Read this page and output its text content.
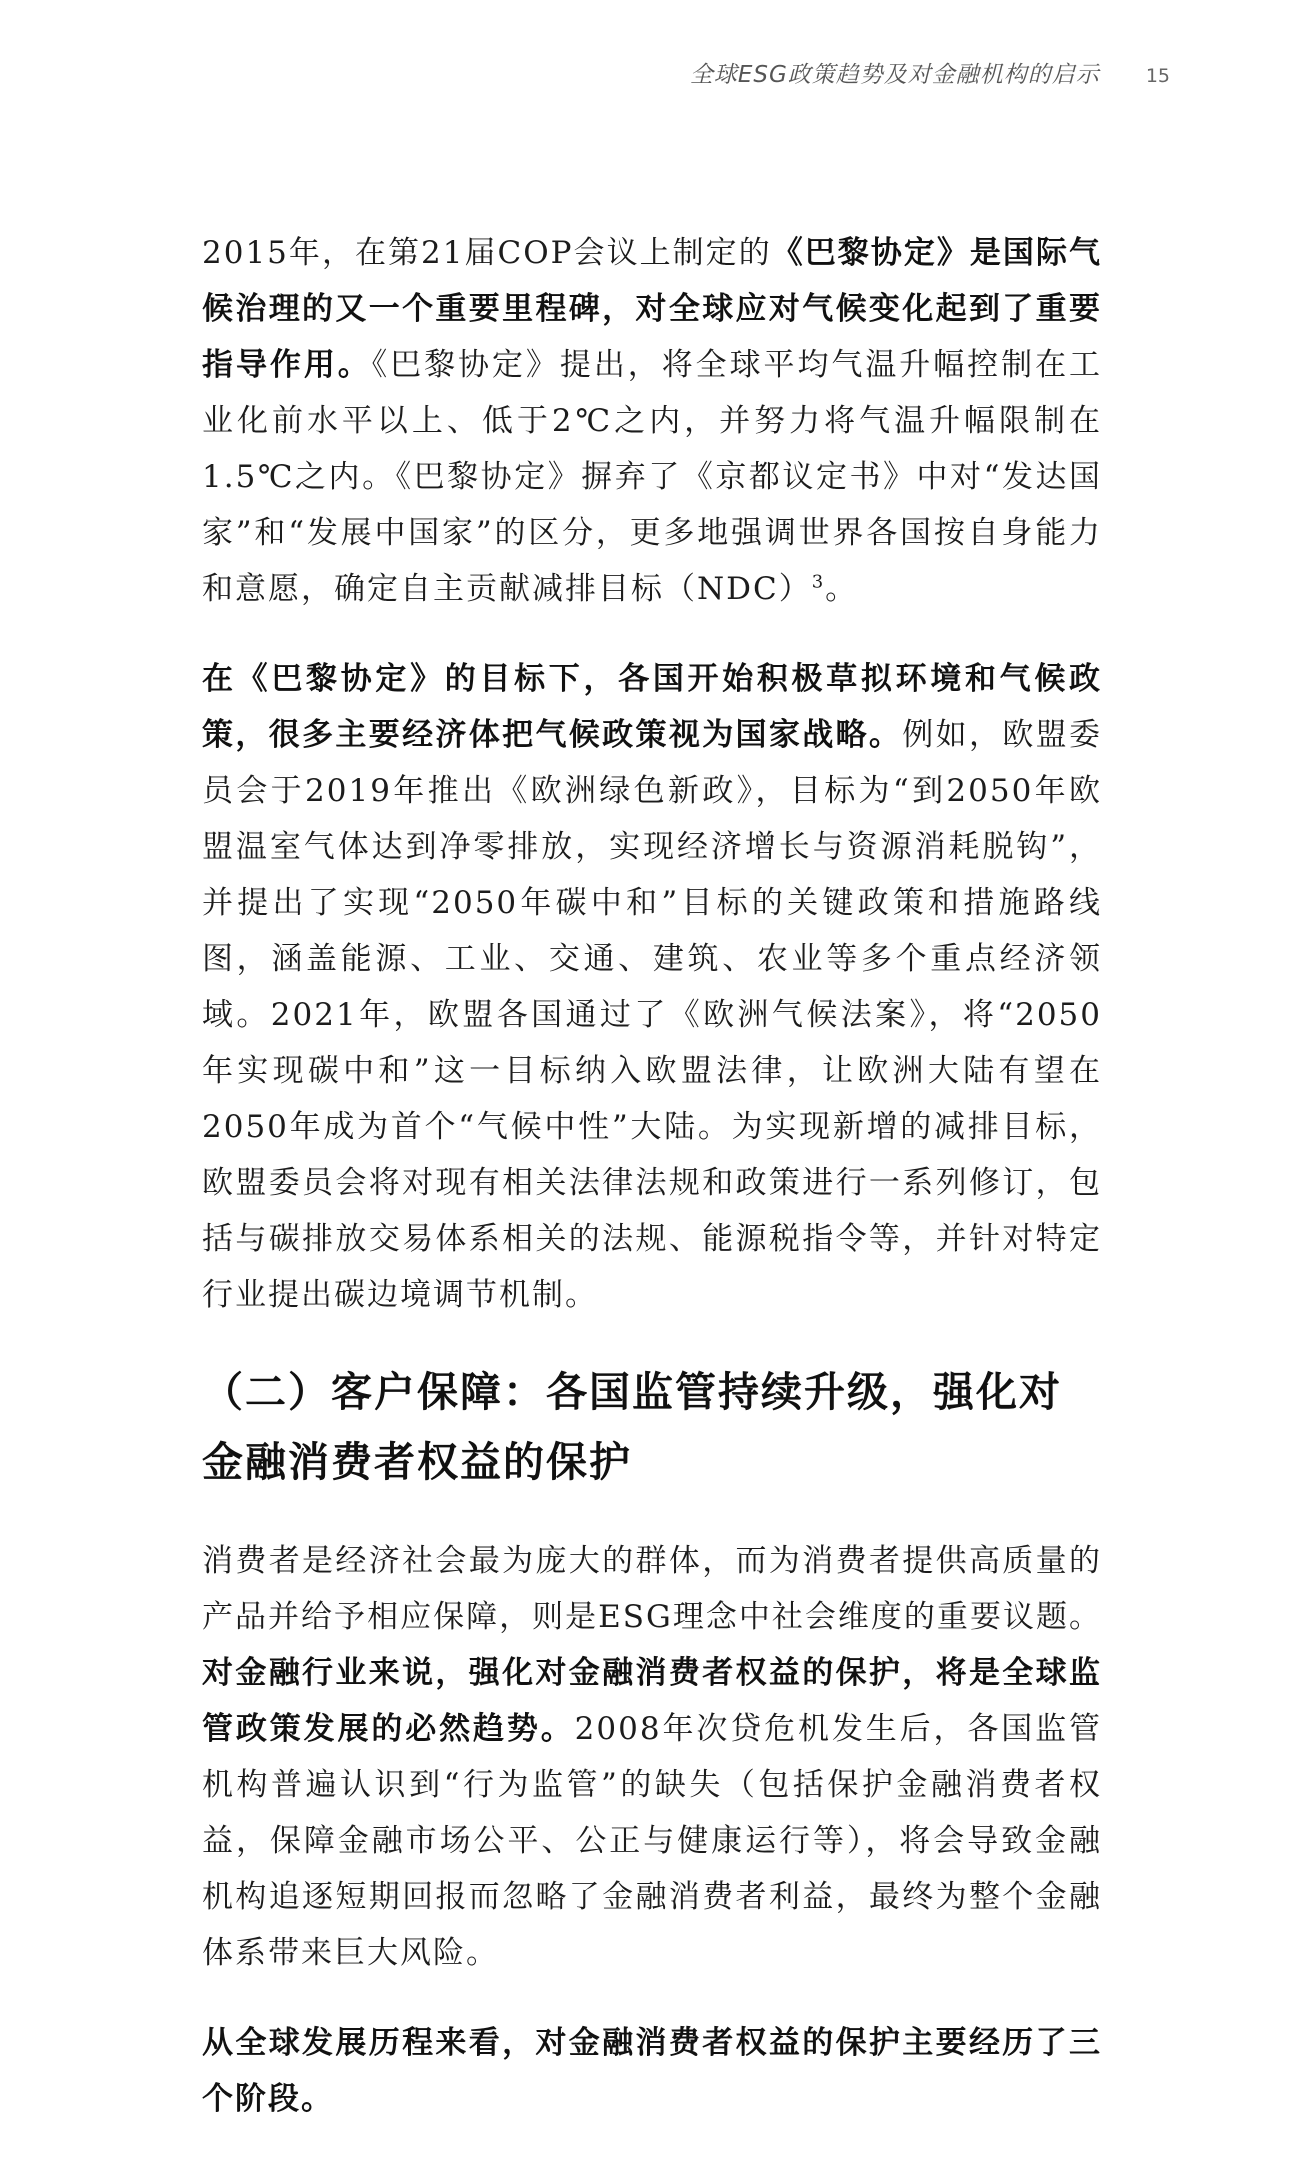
全球ESG政策趋势及对金融机构的启示 15

2015年，在第21届COP会议上制定的《巴黎协定》是国际气候治理的又一个重要里程碑，对全球应对气候变化起到了重要指导作用。《巴黎协定》提出，将全球平均气温升幅控制在工业化前水平以上、低于2℃之内，并努力将气温升幅限制在1.5℃之内。《巴黎协定》摒弃了《京都议定书》中对“发达国家”和“发展中国家”的区分，更多地强调世界各国按自身能力和意愿，确定自主贡献减排目标（NDC）$^3$。

在《巴黎协定》的目标下，各国开始积极草拟环境和气候政策，很多主要经济体把气候政策视为国家战略。例如，欧盟委员会于2019年推出《欧洲绿色新政》，目标为“到2050年欧盟温室气体达到净零排放，实现经济增长与资源消耗脱钩”，并提出了实现“2050年碳中和”目标的关键政策和措施路线图，涵盖能源、工业、交通、建筑、农业等多个重点经济领域。2021年，欧盟各国通过了《欧洲气候法案》，将“2050年实现碳中和”这一目标纳入欧盟法律，让欧洲大陆有望在2050年成为首个“气候中性”大陆。为实现新增的减排目标，欧盟委员会将对现有相关法律法规和政策进行一系列修订，包括与碳排放交易体系相关的法规、能源税指令等，并针对特定行业提出碳边境调节机制。

（二）客户保障：各国监管持续升级，强化对金融消费者权益的保护

消费者是经济社会最为庞大的群体，而为消费者提供高质量的产品并给予相应保障，则是ESG理念中社会维度的重要议题。对金融行业来说，强化对金融消费者权益的保护，将是全球监管政策发展的必然趋势。2008年次贷危机发生后，各国监管机构普遍认识到“行为监管”的缺失（包括保护金融消费者权益，保障金融市场公平、公正与健康运行等），将会导致金融机构追逐短期回报而忽略了金融消费者利益，最终为整个金融体系带来巨大风险。

从全球发展历程来看，对金融消费者权益的保护主要经历了三个阶段。
